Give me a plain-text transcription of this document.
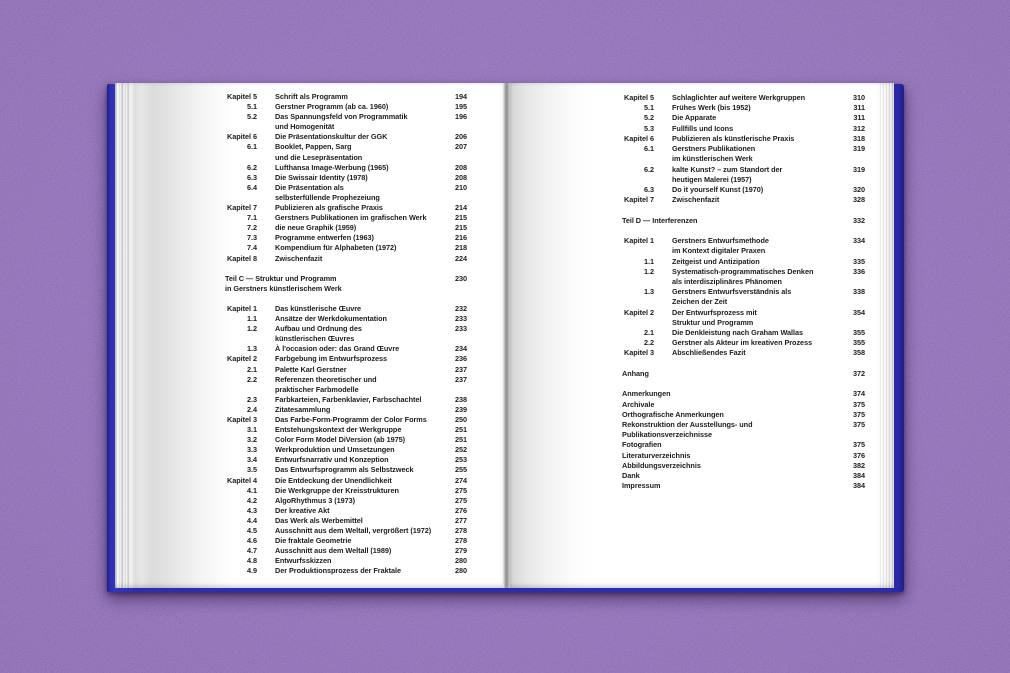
Kapitel 5 Schrift als Programm	194
5.1 Gerstner Programm (ab ca. 1960)	195
5.2 Das Spannungsfeld von Programmatik	196
und Homogenität
Kapitel 6 Die Präsentationskultur der GGK	206
6.1 Booklet, Pappen, Sarg	207
und die Lesepräsentation
6.2 Lufthansa Image-Werbung (1965)	208
6.3 Die Swissair Identity (1978)	208
6.4 Die Präsentation als	210
selbsterfüllende Prophezeiung
Kapitel 7 Publizieren als grafische Praxis	214
7.1 Gerstners Publikationen im grafischen Werk	215
7.2 die neue Graphik (1959)	215
7.3 Programme entwerfen (1963)	216
7.4 Kompendium für Alphabeten (1972)	218
Kapitel 8 Zwischenfazit	224
Teil C — Struktur und Programm	230
in Gerstners künstlerischem Werk
Kapitel 1 Das künstlerische Œuvre	232
1.1 Ansätze der Werkdokumentation	233
1.2 Aufbau und Ordnung des	233
künstlerischen Œuvres
1.3 À l'occasion oder: das Grand Œuvre	234
Kapitel 2 Farbgebung im Entwurfsprozess	236
2.1 Palette Karl Gerstner	237
2.2 Referenzen theoretischer und	237
praktischer Farbmodelle
2.3 Farbkarteien, Farbenklavier, Farbschachtel	238
2.4 Zitatesammlung	239
Kapitel 3 Das Farbe-Form-Programm der Color Forms	250
3.1 Entstehungskontext der Werkgruppe	251
3.2 Color Form Model DiVersion (ab 1975)	251
3.3 Werkproduktion und Umsetzungen	252
3.4 Entwurfsnarrativ und Konzeption	253
3.5 Das Entwurfsprogramm als Selbstzweck	255
Kapitel 4 Die Entdeckung der Unendlichkeit	274
4.1 Die Werkgruppe der Kreisstrukturen	275
4.2 AlgoRhythmus 3 (1973)	275
4.3 Der kreative Akt	276
4.4 Das Werk als Werbemittel	277
4.5 Ausschnitt aus dem Weltall, vergrößert (1972)	278
4.6 Die fraktale Geometrie	278
4.7 Ausschnitt aus dem Weltall (1989)	279
4.8 Entwurfsskizzen	280
4.9 Der Produktionsprozess der Fraktale	280
Kapitel 5 Schlaglichter auf weitere Werkgruppen	310
5.1 Frühes Werk (bis 1952)	311
5.2 Die Apparate	311
5.3 Fullfills und Icons	312
Kapitel 6 Publizieren als künstlerische Praxis	318
6.1 Gerstners Publikationen	319
im künstlerischen Werk
6.2 kalte Kunst? – zum Standort der	319
heutigen Malerei (1957)
6.3 Do it yourself Kunst (1970)	320
Kapitel 7 Zwischenfazit	328
Teil D — Interferenzen	332
Kapitel 1 Gerstners Entwurfsmethode	334
im Kontext digitaler Praxen
1.1 Zeitgeist und Antizipation	335
1.2 Systematisch-programmatisches Denken	336
als interdisziplinäres Phänomen
1.3 Gerstners Entwurfsverständnis als	338
Zeichen der Zeit
Kapitel 2 Der Entwurfsprozess mit	354
Struktur und Programm
2.1 Die Denkleistung nach Graham Wallas	355
2.2 Gerstner als Akteur im kreativen Prozess	355
Kapitel 3 Abschließendes Fazit	358
Anhang	372
Anmerkungen	374
Archivale	375
Orthografische Anmerkungen	375
Rekonstruktion der Ausstellungs- und	375
Publikationsverzeichnisse
Fotografien	375
Literaturverzeichnis	376
Abbildungsverzeichnis	382
Dank	384
Impressum	384
